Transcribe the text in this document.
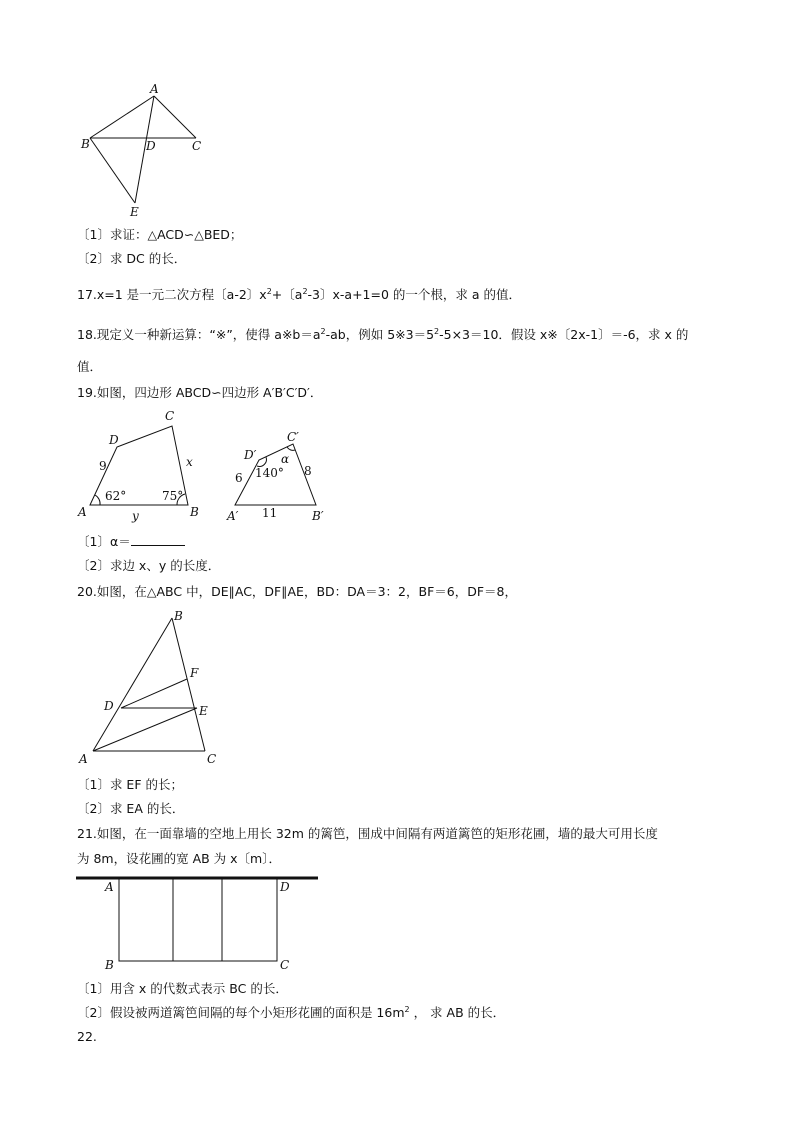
A
B	C
D
E
〔1〕求证：△ACD∽△BED；
〔2〕求 DC 的长．
17.x=1 是一元二次方程〔a-2〕$x^2+$〔$a^2-3$〕x-a+1=0 的一个根，求 a 的值．
18.现定义一种新运算：“※”，使得 $a※b=a^2-ab$，例如 $5※3=5^2-5\times 3=10$．假设 x※〔2x-1〕＝-6，求 x 的
值．
19.如图，四边形 ABCD∽四边形 A′B′C′D′．
A	B
C
D
9	x
y
62°	75°
A′	B′
C′
D′
6	8
11
140°
α
〔1〕α＝
〔2〕求边 x、y 的长度．
20.如图，在△ABC 中，DE∥AC，DF∥AE，BD：DA＝3：2，BF＝6，DF＝8，
B
F
D	E
A	C
〔1〕求 EF 的长；
〔2〕求 EA 的长．
21.如图，在一面靠墙的空地上用长 32m 的篱笆，围成中间隔有两道篱笆的矩形花圃，墙的最大可用长度
为 8m，设花圃的宽 AB 为 x〔m〕．
A	D
B	C
〔1〕用含 x 的代数式表示 BC 的长．
〔2〕假设被两道篱笆间隔的每个小矩形花圃的面积是 $16m^2$ ， 求 AB 的长．
22.
